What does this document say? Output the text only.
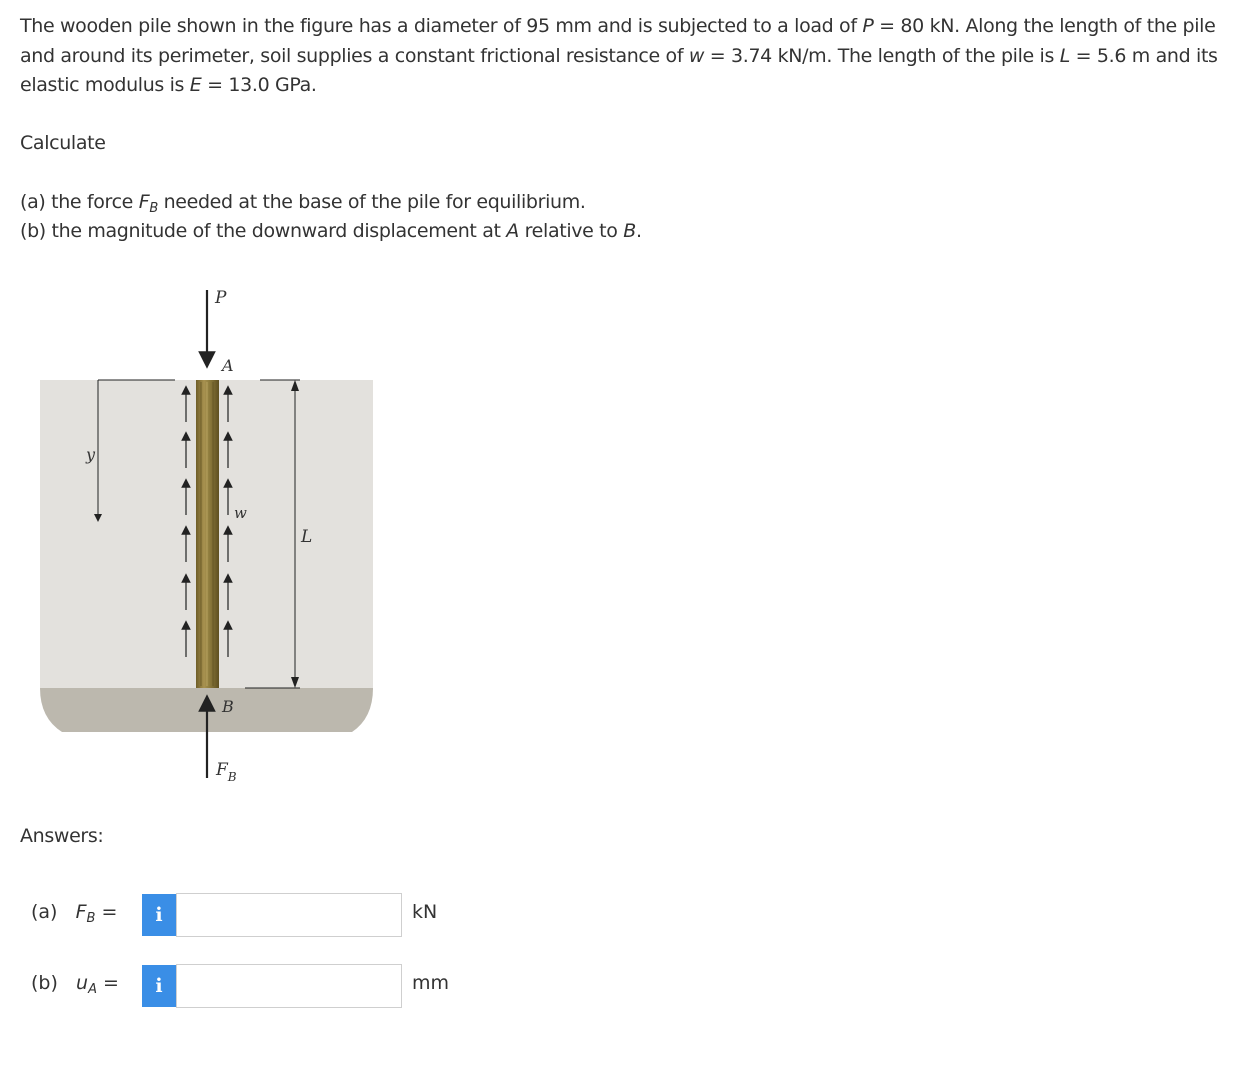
The wooden pile shown in the figure has a diameter of 95 mm and is subjected to a load of P = 80 kN. Along the length of the pile and around its perimeter, soil supplies a constant frictional resistance of w = 3.74 kN/m. The length of the pile is L = 5.6 m and its elastic modulus is E = 13.0 GPa.
Calculate
(a) the force $F_B$ needed at the base of the pile for equilibrium.
(b) the magnitude of the downward displacement at A relative to B.
P
A
y
w
L
B
$F_B$
Answers:
(a) $F_B$ =	i	kN
(b) $u_A$ =	i	mm
